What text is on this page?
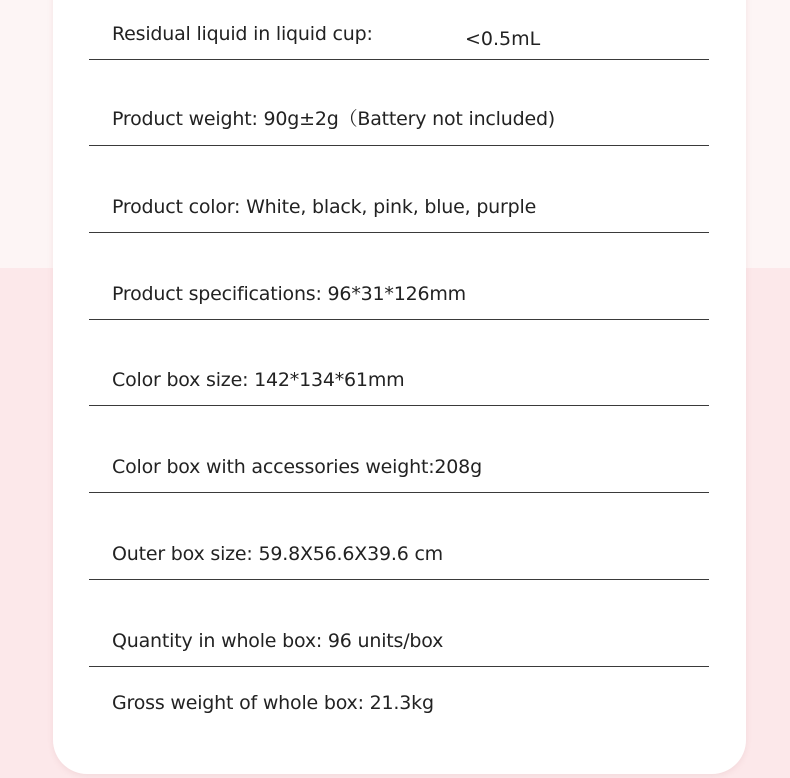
Residual liquid in liquid cup:	<0.5mL
Product weight: 90g±2g（Battery not included)
Product color: White, black, pink, blue, purple
Product specifications: 96*31*126mm
Color box size: 142*134*61mm
Color box with accessories weight:208g
Outer box size: 59.8X56.6X39.6 cm
Quantity in whole box: 96 units/box
Gross weight of whole box: 21.3kg
